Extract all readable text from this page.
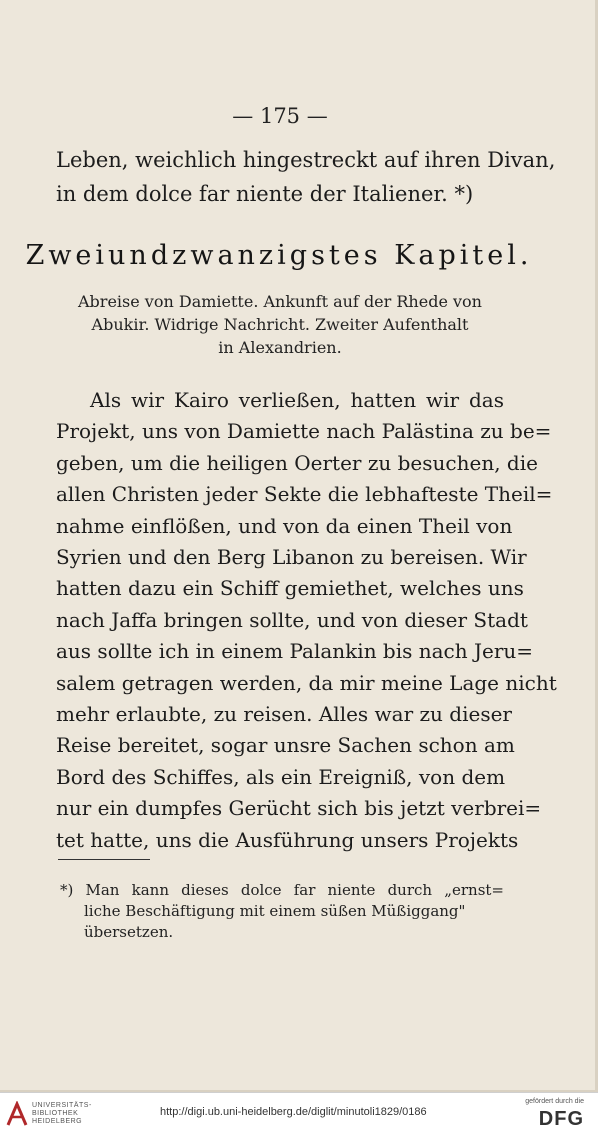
— 175 —
Leben, weichlich hingestreckt auf ihren Divan,
in dem dolce far niente der Italiener. *)
Zweiundzwanzigstes Kapitel.
Abreise von Damiette. Ankunft auf der Rhede von
Abukir. Widrige Nachricht. Zweiter Aufenthalt
in Alexandrien.
Als wir Kairo verließen, hatten wir das
Projekt, uns von Damiette nach Palästina zu be=
geben, um die heiligen Oerter zu besuchen, die
allen Christen jeder Sekte die lebhafteste Theil=
nahme einflößen, und von da einen Theil von
Syrien und den Berg Libanon zu bereisen. Wir
hatten dazu ein Schiff gemiethet, welches uns
nach Jaffa bringen sollte, und von dieser Stadt
aus sollte ich in einem Palankin bis nach Jeru=
salem getragen werden, da mir meine Lage nicht
mehr erlaubte, zu reisen. Alles war zu dieser
Reise bereitet, sogar unsre Sachen schon am
Bord des Schiffes, als ein Ereigniß, von dem
nur ein dumpfes Gerücht sich bis jetzt verbrei=
tet hatte, uns die Ausführung unsers Projekts
*) Man kann dieses dolce far niente durch „ernst=
liche Beschäftigung mit einem süßen Müßiggang"
übersetzen.
UNIVERSITÄTS-
BIBLIOTHEK
HEIDELBERG
http://digi.ub.uni-heidelberg.de/diglit/minutoli1829/0186
gefördert durch die
DFG
